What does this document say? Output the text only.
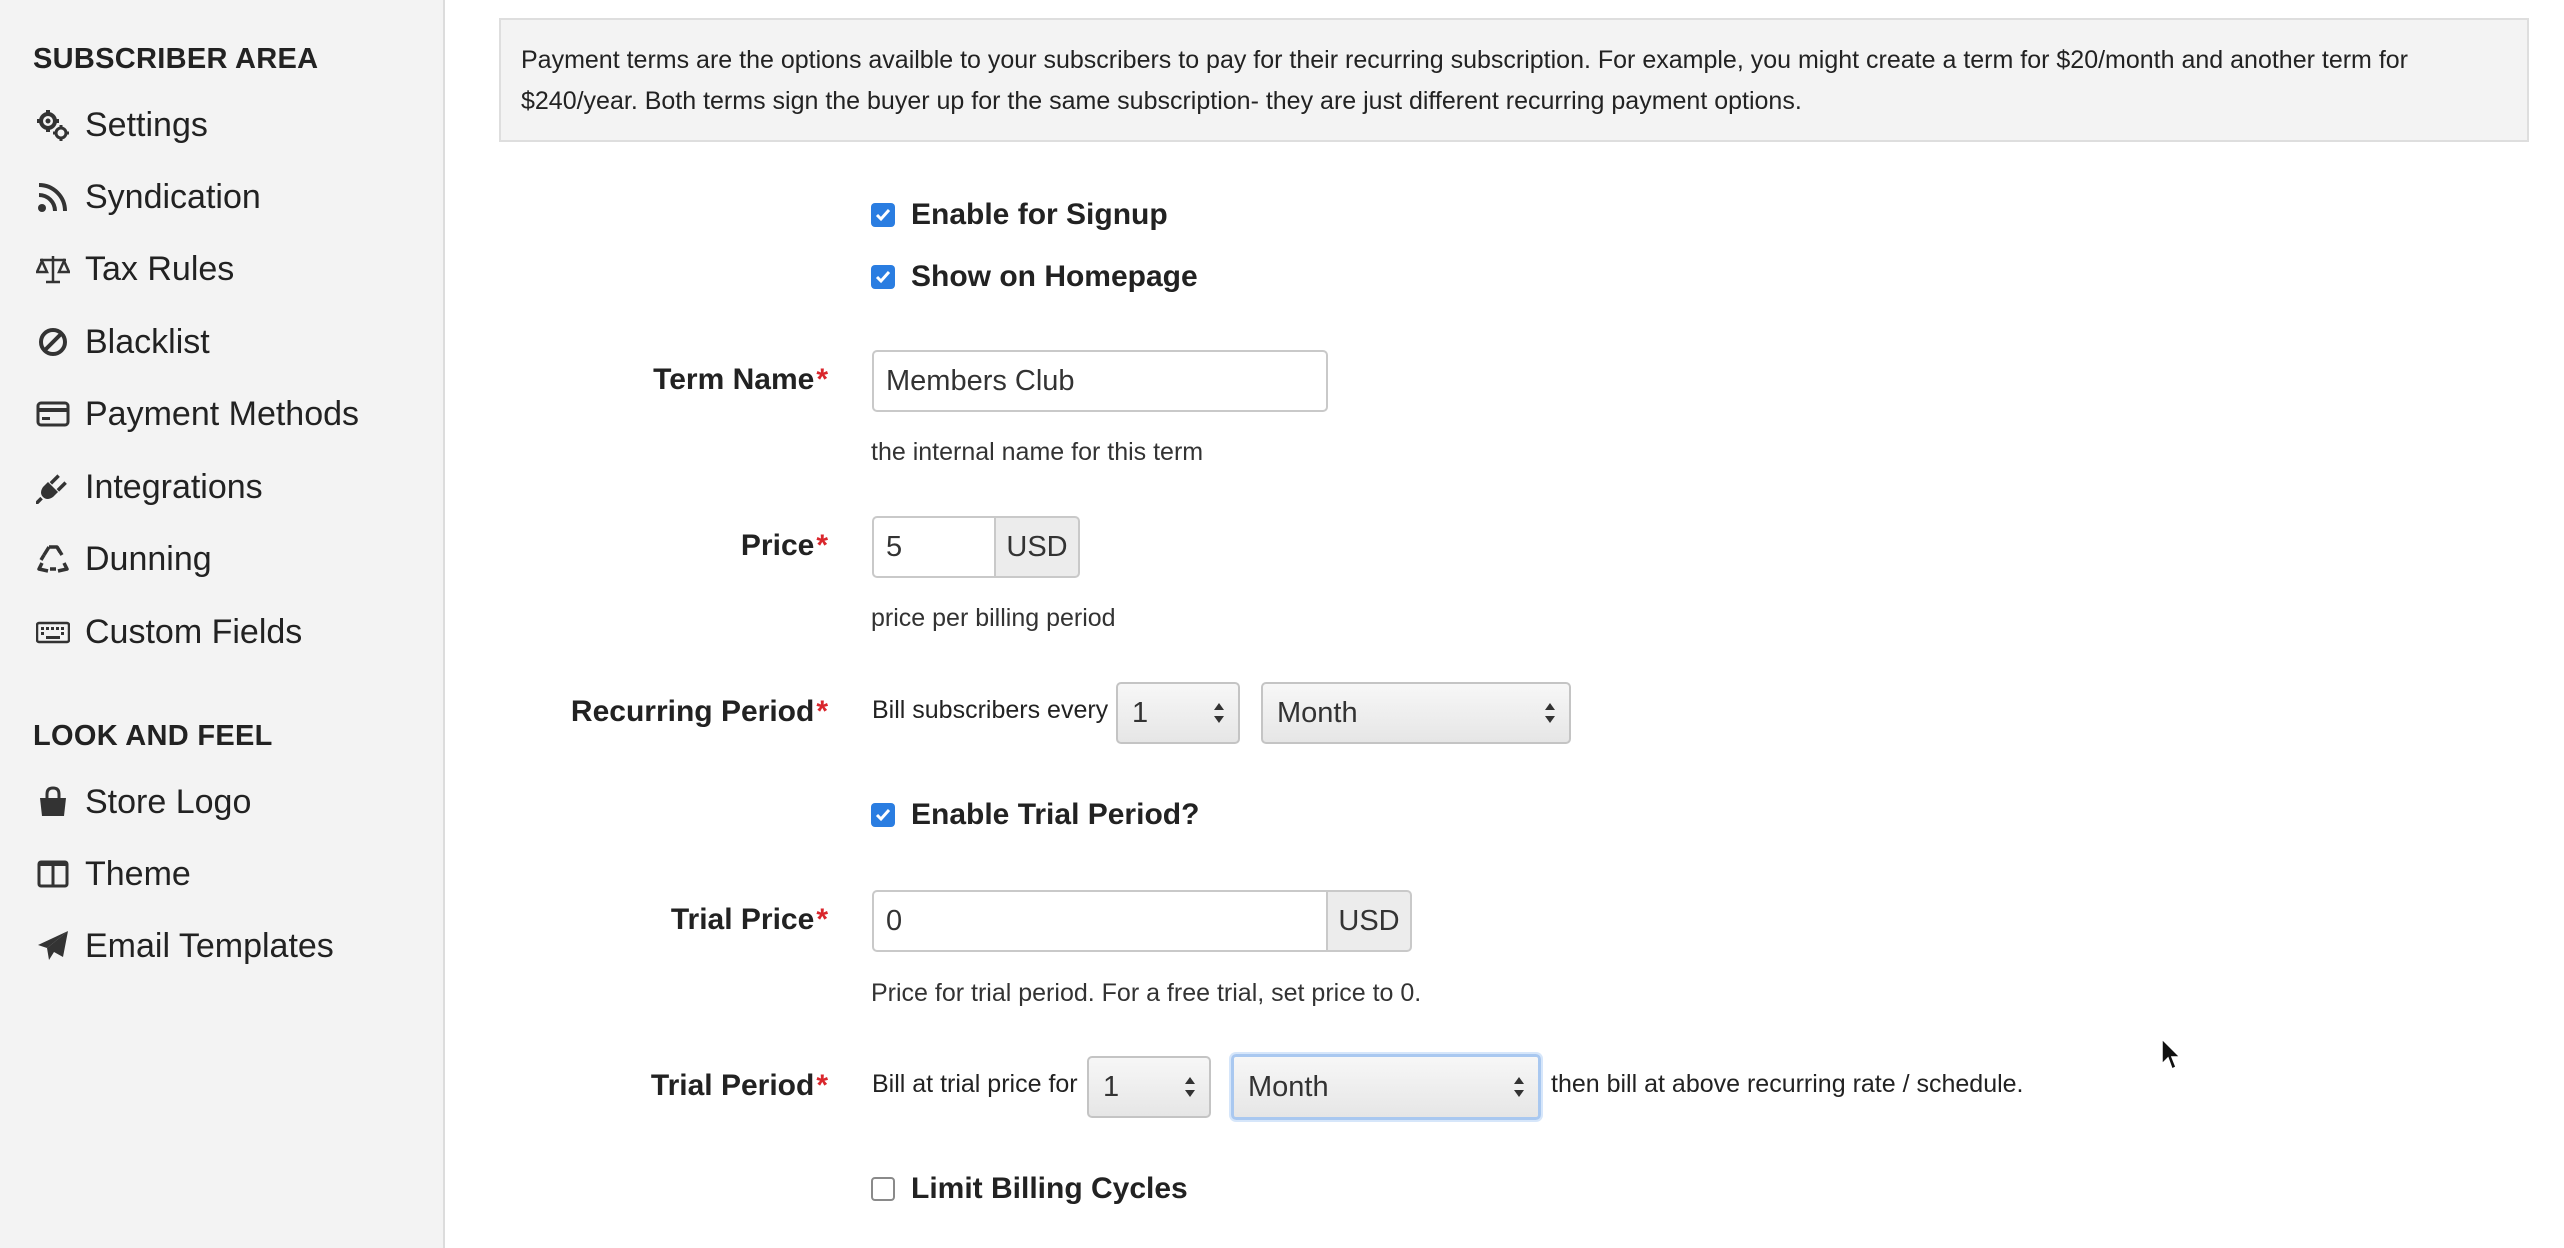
SUBSCRIBER AREA
Settings
Syndication
Tax Rules
Blacklist
Payment Methods
Integrations
Dunning
Custom Fields
LOOK AND FEEL
Store Logo
Theme
Email Templates
Payment terms are the options availble to your subscribers to pay for their recurring subscription. For example, you might create a term for $20/month and another term for $240/year. Both terms sign the buyer up for the same subscription- they are just different recurring payment options.
Enable for Signup
Show on Homepage
Term Name*
Members Club
the internal name for this term
Price*
5	USD
price per billing period
Recurring Period* Bill subscribers every 1	Month
Enable Trial Period?
Trial Price*
0	USD
Price for trial period. For a free trial, set price to 0.
Trial Period* Bill at trial price for 1	Month	then bill at above recurring rate / schedule.
Limit Billing Cycles
